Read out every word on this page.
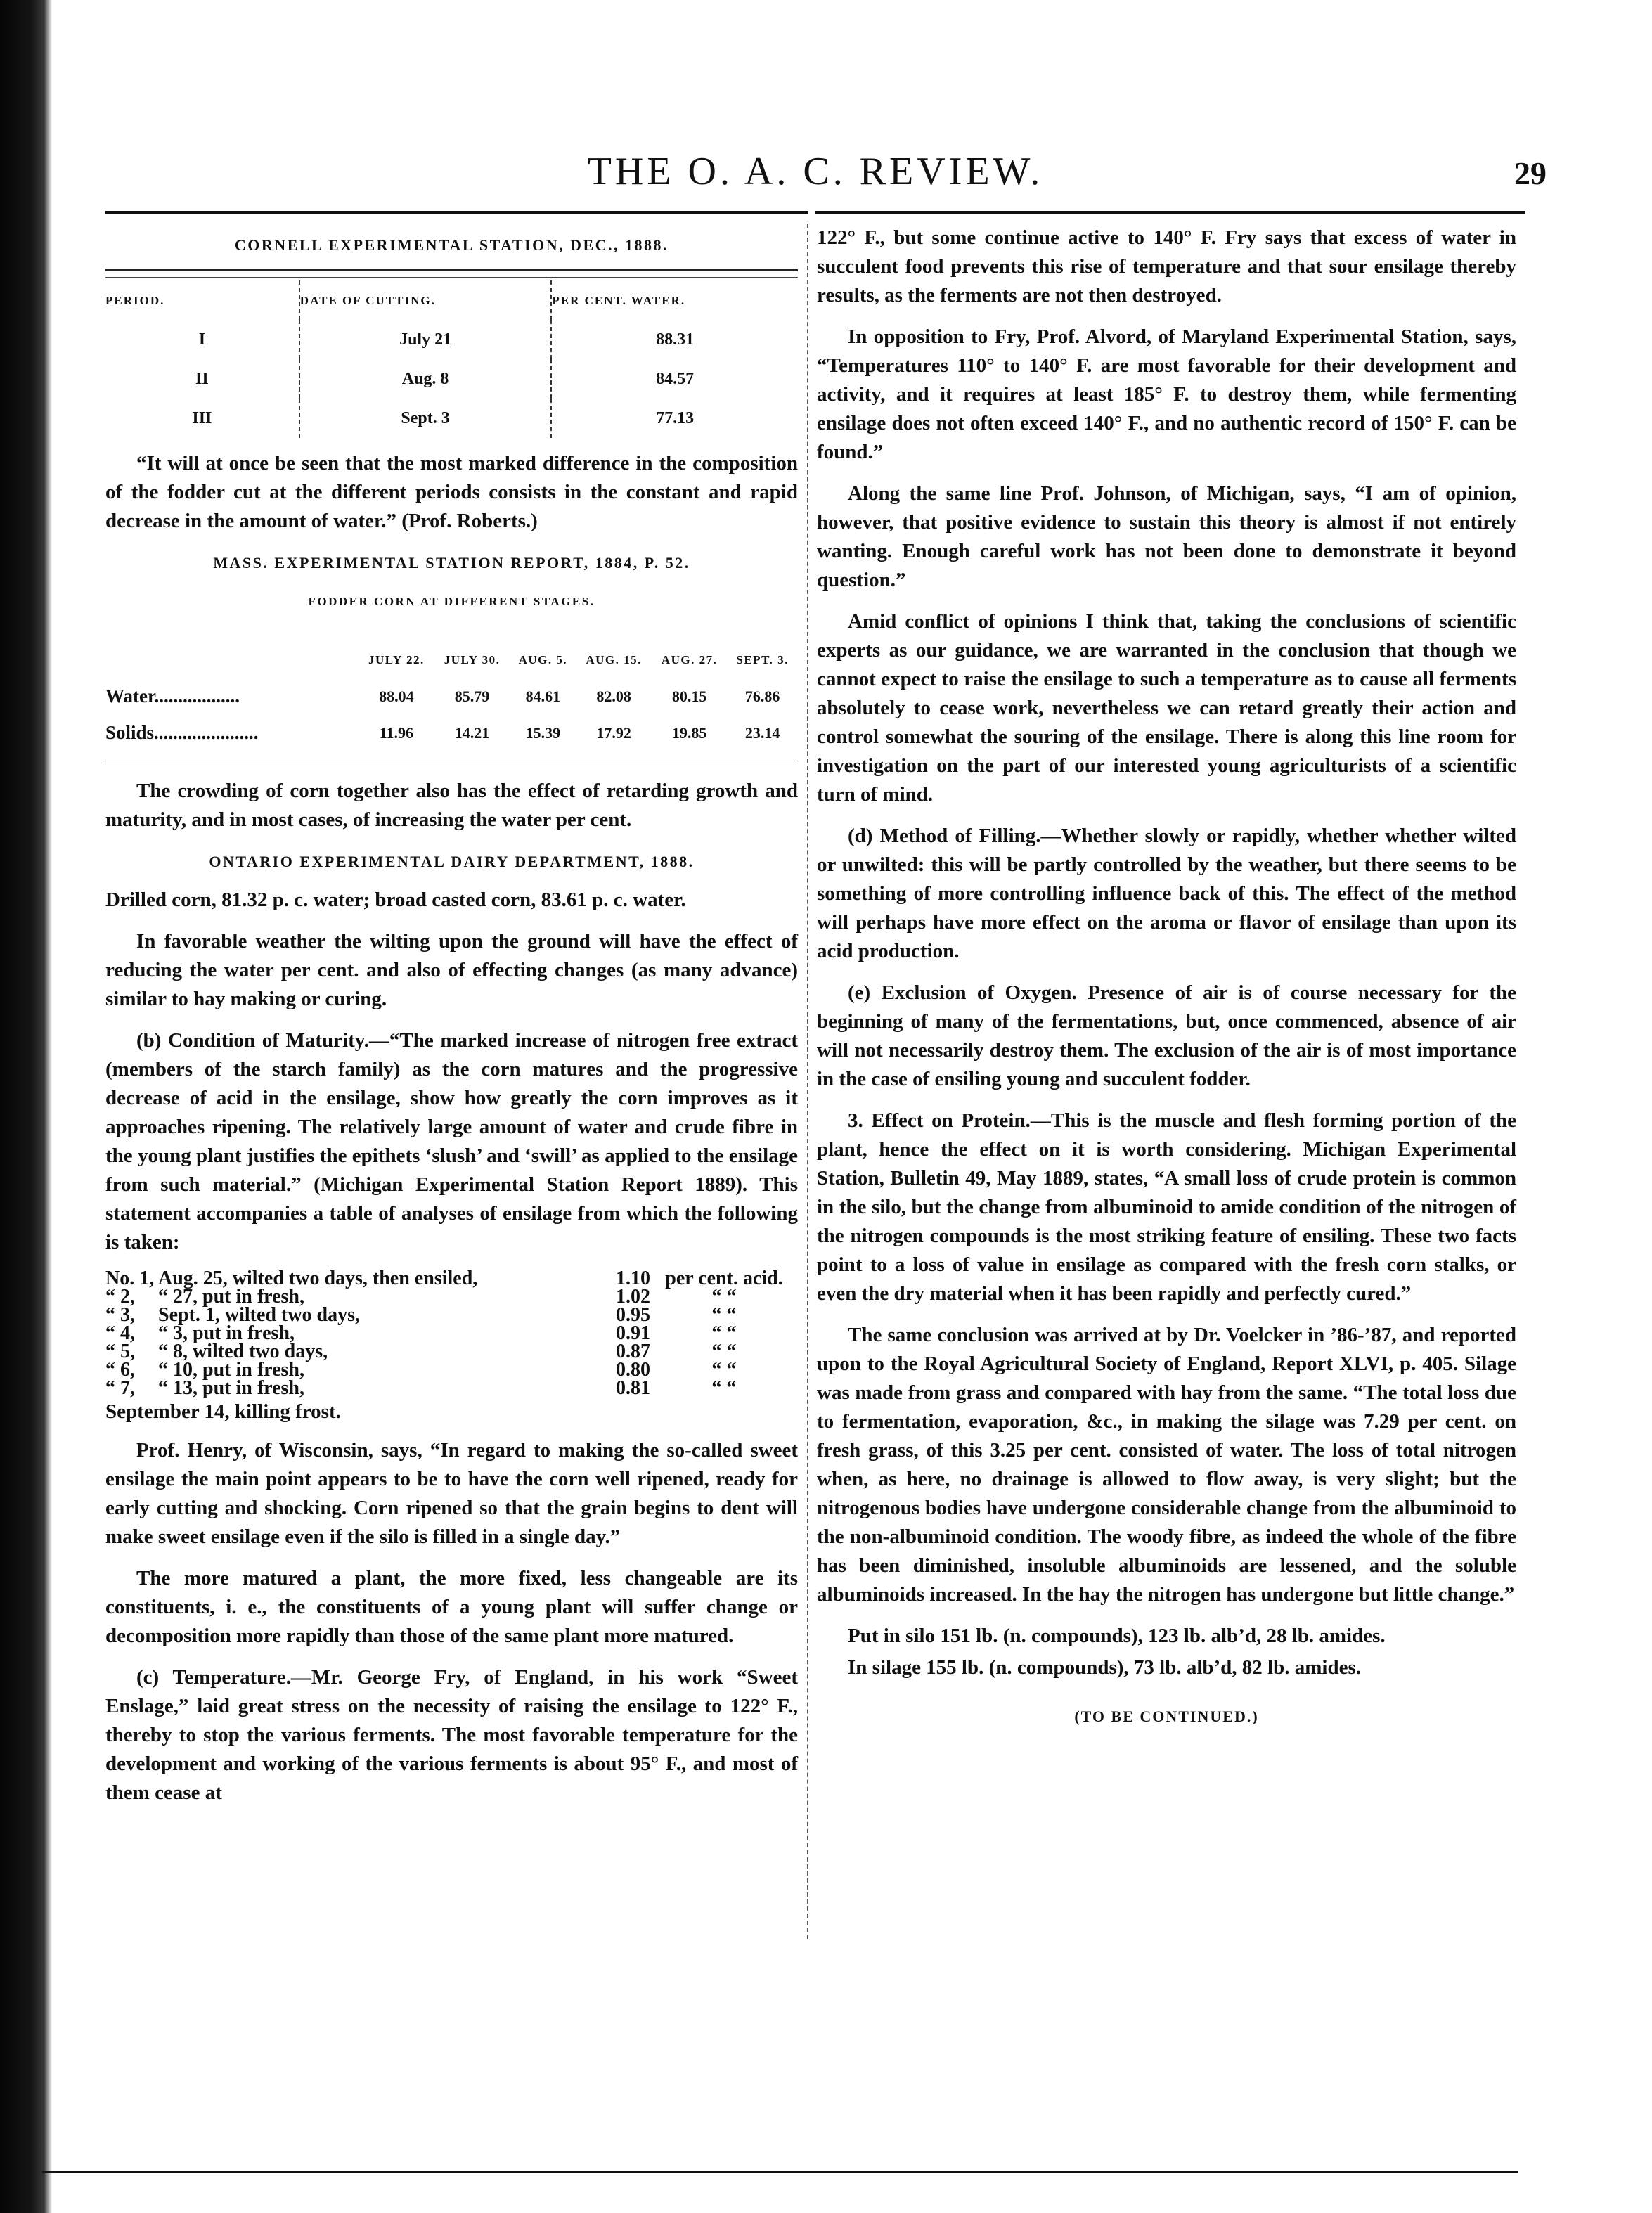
THE O. A. C. REVIEW.	29
CORNELL EXPERIMENTAL STATION, DEC., 1888.
PERIOD.	DATE OF CUTTING.	PER CENT. WATER.
I	July 21	88.31
II	Aug. 8	84.57
III	Sept. 3	77.13

“It will at once be seen that the most marked difference in the composition of the fodder cut at the different periods consists in the constant and rapid decrease in the amount of water.” (Prof. Roberts.)

MASS. EXPERIMENTAL STATION REPORT, 1884, P. 52.
FODDER CORN AT DIFFERENT STAGES.
	JULY 22.	JULY 30.	AUG. 5.	AUG. 15.	AUG. 27.	SEPT. 3.
Water..................	88.04	85.79	84.61	82.08	80.15	76.86
Solids......................	11.96	14.21	15.39	17.92	19.85	23.14

The crowding of corn together also has the effect of retarding growth and maturity, and in most cases, of increasing the water per cent.

ONTARIO EXPERIMENTAL DAIRY DEPARTMENT, 1888.

Drilled corn, 81.32 p. c. water; broad casted corn, 83.61 p. c. water.

In favorable weather the wilting upon the ground will have the effect of reducing the water per cent. and also of effecting changes (as many advance) similar to hay making or curing.

(b) Condition of Maturity.—“The marked increase of nitrogen free extract (members of the starch family) as the corn matures and the progressive decrease of acid in the ensilage, show how greatly the corn improves as it approaches ripening. The relatively large amount of water and crude fibre in the young plant justifies the epithets ‘slush’ and ‘swill’ as applied to the ensilage from such material.” (Michigan Experimental Station Report 1889). This statement accompanies a table of analyses of ensilage from which the following is taken:

No. 1,	Aug. 25, wilted two days, then ensiled,	1.10	per cent. acid.
“ 2,	“ 27, put in fresh,	1.02	“ “
“ 3,	Sept. 1, wilted two days,	0.95	“ “
“ 4,	“ 3, put in fresh,	0.91	“ “
“ 5,	“ 8, wilted two days,	0.87	“ “
“ 6,	“ 10, put in fresh,	0.80	“ “
“ 7,	“ 13, put in fresh,	0.81	“ “

September 14, killing frost.

Prof. Henry, of Wisconsin, says, “In regard to making the so-called sweet ensilage the main point appears to be to have the corn well ripened, ready for early cutting and shocking. Corn ripened so that the grain begins to dent will make sweet ensilage even if the silo is filled in a single day.”

The more matured a plant, the more fixed, less changeable are its constituents, i. e., the constituents of a young plant will suffer change or decomposition more rapidly than those of the same plant more matured.

(c) Temperature.—Mr. George Fry, of England, in his work “Sweet Enslage,” laid great stress on the necessity of raising the ensilage to 122° F., thereby to stop the various ferments. The most favorable temperature for the development and working of the various ferments is about 95° F., and most of them cease at

122° F., but some continue active to 140° F. Fry says that excess of water in succulent food prevents this rise of temperature and that sour ensilage thereby results, as the ferments are not then destroyed.

In opposition to Fry, Prof. Alvord, of Maryland Experimental Station, says, “Temperatures 110° to 140° F. are most favorable for their development and activity, and it requires at least 185° F. to destroy them, while fermenting ensilage does not often exceed 140° F., and no authentic record of 150° F. can be found.”

Along the same line Prof. Johnson, of Michigan, says, “I am of opinion, however, that positive evidence to sustain this theory is almost if not entirely wanting. Enough careful work has not been done to demonstrate it beyond question.”

Amid conflict of opinions I think that, taking the conclusions of scientific experts as our guidance, we are warranted in the conclusion that though we cannot expect to raise the ensilage to such a temperature as to cause all ferments absolutely to cease work, nevertheless we can retard greatly their action and control somewhat the souring of the ensilage. There is along this line room for investigation on the part of our interested young agriculturists of a scientific turn of mind.

(d) Method of Filling.—Whether slowly or rapidly, whether whether wilted or unwilted: this will be partly controlled by the weather, but there seems to be something of more controlling influence back of this. The effect of the method will perhaps have more effect on the aroma or flavor of ensilage than upon its acid production.

(e) Exclusion of Oxygen. Presence of air is of course necessary for the beginning of many of the fermentations, but, once commenced, absence of air will not necessarily destroy them. The exclusion of the air is of most importance in the case of ensiling young and succulent fodder.

3. Effect on Protein.—This is the muscle and flesh forming portion of the plant, hence the effect on it is worth considering. Michigan Experimental Station, Bulletin 49, May 1889, states, “A small loss of crude protein is common in the silo, but the change from albuminoid to amide condition of the nitrogen of the nitrogen compounds is the most striking feature of ensiling. These two facts point to a loss of value in ensilage as compared with the fresh corn stalks, or even the dry material when it has been rapidly and perfectly cured.”

The same conclusion was arrived at by Dr. Voelcker in ’86-’87, and reported upon to the Royal Agricultural Society of England, Report XLVI, p. 405. Silage was made from grass and compared with hay from the same. “The total loss due to fermentation, evaporation, &c., in making the silage was 7.29 per cent. on fresh grass, of this 3.25 per cent. consisted of water. The loss of total nitrogen when, as here, no drainage is allowed to flow away, is very slight; but the nitrogenous bodies have undergone considerable change from the albuminoid to the non-albuminoid condition. The woody fibre, as indeed the whole of the fibre has been diminished, insoluble albuminoids are lessened, and the soluble albuminoids increased. In the hay the nitrogen has undergone but little change.”

Put in silo 151 lb. (n. compounds), 123 lb. alb’d, 28 lb. amides.

In silage 155 lb. (n. compounds), 73 lb. alb’d, 82 lb. amides.

(TO BE CONTINUED.)
